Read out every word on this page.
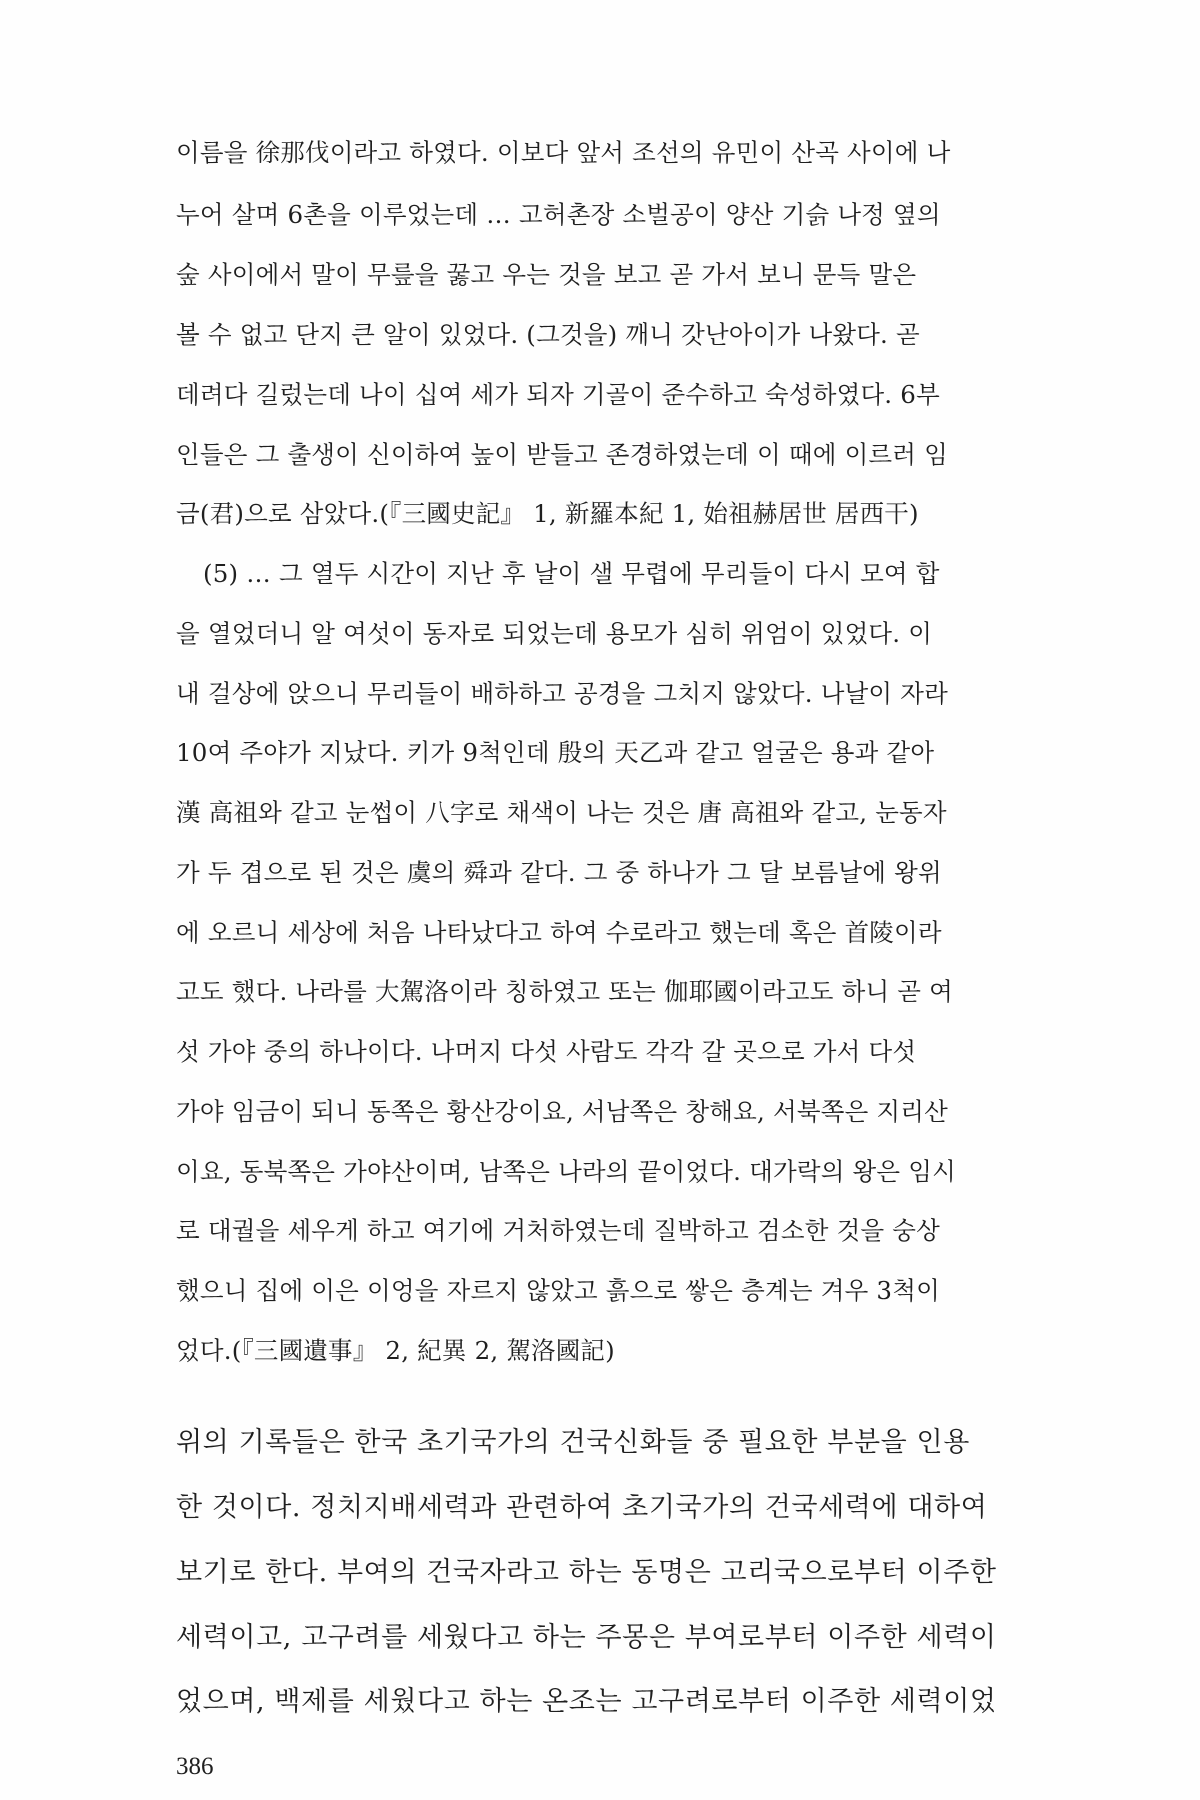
이름을 徐那伐이라고 하였다. 이보다 앞서 조선의 유민이 산곡 사이에 나
누어 살며 6촌을 이루었는데 … 고허촌장 소벌공이 양산 기슭 나정 옆의
숲 사이에서 말이 무릎을 꿇고 우는 것을 보고 곧 가서 보니 문득 말은
볼 수 없고 단지 큰 알이 있었다. (그것을) 깨니 갓난아이가 나왔다. 곧
데려다 길렀는데 나이 십여 세가 되자 기골이 준수하고 숙성하였다. 6부
인들은 그 출생이 신이하여 높이 받들고 존경하였는데 이 때에 이르러 임
금(君)으로 삼았다.(『三國史記』 1, 新羅本紀 1, 始祖赫居世 居西干)
(5) … 그 열두 시간이 지난 후 날이 샐 무렵에 무리들이 다시 모여 합
을 열었더니 알 여섯이 동자로 되었는데 용모가 심히 위엄이 있었다. 이
내 걸상에 앉으니 무리들이 배하하고 공경을 그치지 않았다. 나날이 자라
10여 주야가 지났다. 키가 9척인데 殷의 天乙과 같고 얼굴은 용과 같아
漢 高祖와 같고 눈썹이 八字로 채색이 나는 것은 唐 高祖와 같고, 눈동자
가 두 겹으로 된 것은 虞의 舜과 같다. 그 중 하나가 그 달 보름날에 왕위
에 오르니 세상에 처음 나타났다고 하여 수로라고 했는데 혹은 首陵이라
고도 했다. 나라를 大駕洛이라 칭하였고 또는 伽耶國이라고도 하니 곧 여
섯 가야 중의 하나이다. 나머지 다섯 사람도 각각 갈 곳으로 가서 다섯
가야 임금이 되니 동쪽은 황산강이요, 서남쪽은 창해요, 서북쪽은 지리산
이요, 동북쪽은 가야산이며, 남쪽은 나라의 끝이었다. 대가락의 왕은 임시
로 대궐을 세우게 하고 여기에 거처하였는데 질박하고 검소한 것을 숭상
했으니 집에 이은 이엉을 자르지 않았고 흙으로 쌓은 층계는 겨우 3척이
었다.(『三國遺事』 2, 紀異 2, 駕洛國記)
위의 기록들은 한국 초기국가의 건국신화들 중 필요한 부분을 인용
한 것이다. 정치지배세력과 관련하여 초기국가의 건국세력에 대하여
보기로 한다. 부여의 건국자라고 하는 동명은 고리국으로부터 이주한
세력이고, 고구려를 세웠다고 하는 주몽은 부여로부터 이주한 세력이
었으며, 백제를 세웠다고 하는 온조는 고구려로부터 이주한 세력이었
386
